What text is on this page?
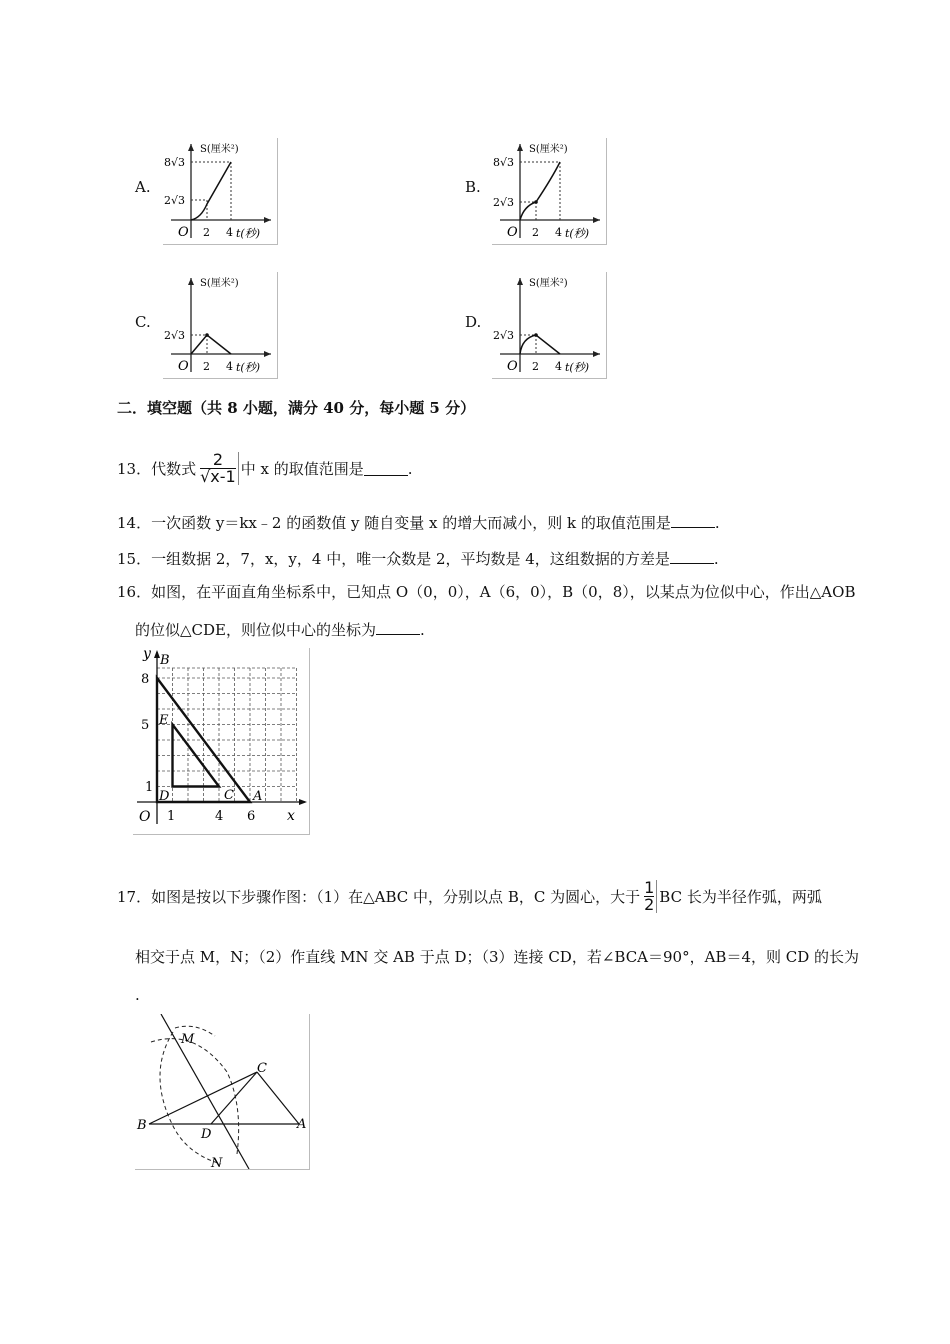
A.
S(厘米²)
8√3
2√3
O 2 4 t(秒)
B.
S(厘米²)
8√3
2√3
O 2 4 t(秒)
C.
S(厘米²)
2√3
O 2 4 t(秒)
D.
S(厘米²)
2√3
O 2 4 t(秒)
二．填空题（共 8 小题，满分 40 分，每小题 5 分）
13． 代数式 $\frac{2}{√x-1}$ 中 x 的取值范围是	.
14．一次函数 y＝kx﹣2 的函数值 y 随自变量 x 的增大而减小，则 k 的取值范围是	.
15．一组数据 2，7，x，y，4 中，唯一众数是 2，平均数是 4，这组数据的方差是	.
16．如图，在平面直角坐标系中，已知点 O（0，0），A（6，0），B（0，8），以某点为位似中心，作出△AOB
的位似△CDE，则位似中心的坐标为	.
y B
E
D	C A
8
5
1
O 1	4 6 x
17．如图是按以下步骤作图：（1）在△ABC 中，分别以点 B，C 为圆心，大于 $\frac{1}{2}$ BC 长为半径作弧，两弧
相交于点 M，N；（2）作直线 MN 交 AB 于点 D；（3）连接 CD，若∠BCA＝90°，AB＝4，则 CD 的长为
.
M
C
B
D
A
N
